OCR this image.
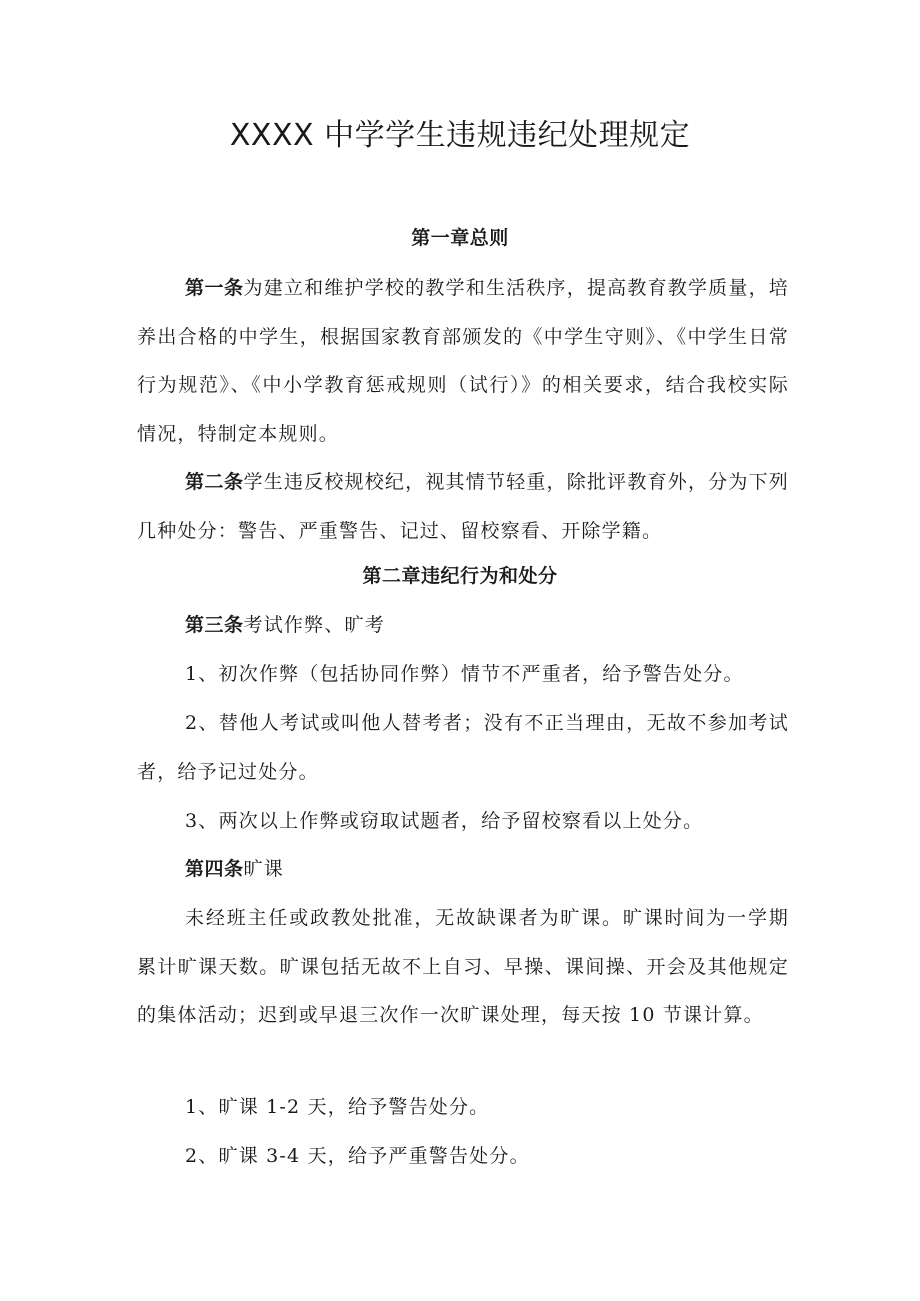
XXXX 中学学生违规违纪处理规定
第一章总则

第一条为建立和维护学校的教学和生活秩序，提高教育教学质量，培养出合格的中学生，根据国家教育部颁发的《中学生守则》、《中学生日常行为规范》、《中小学教育惩戒规则（试行）》的相关要求，结合我校实际情况，特制定本规则。

第二条学生违反校规校纪，视其情节轻重，除批评教育外，分为下列几种处分：警告、严重警告、记过、留校察看、开除学籍。

第二章违纪行为和处分

第三条考试作弊、旷考

1、初次作弊（包括协同作弊）情节不严重者，给予警告处分。

2、替他人考试或叫他人替考者；没有不正当理由，无故不参加考试者，给予记过处分。

3、两次以上作弊或窃取试题者，给予留校察看以上处分。

第四条旷课

未经班主任或政教处批准，无故缺课者为旷课。旷课时间为一学期累计旷课天数。旷课包括无故不上自习、早操、课间操、开会及其他规定的集体活动；迟到或早退三次作一次旷课处理，每天按 10 节课计算。

1、旷课 1-2 天，给予警告处分。

2、旷课 3-4 天，给予严重警告处分。
